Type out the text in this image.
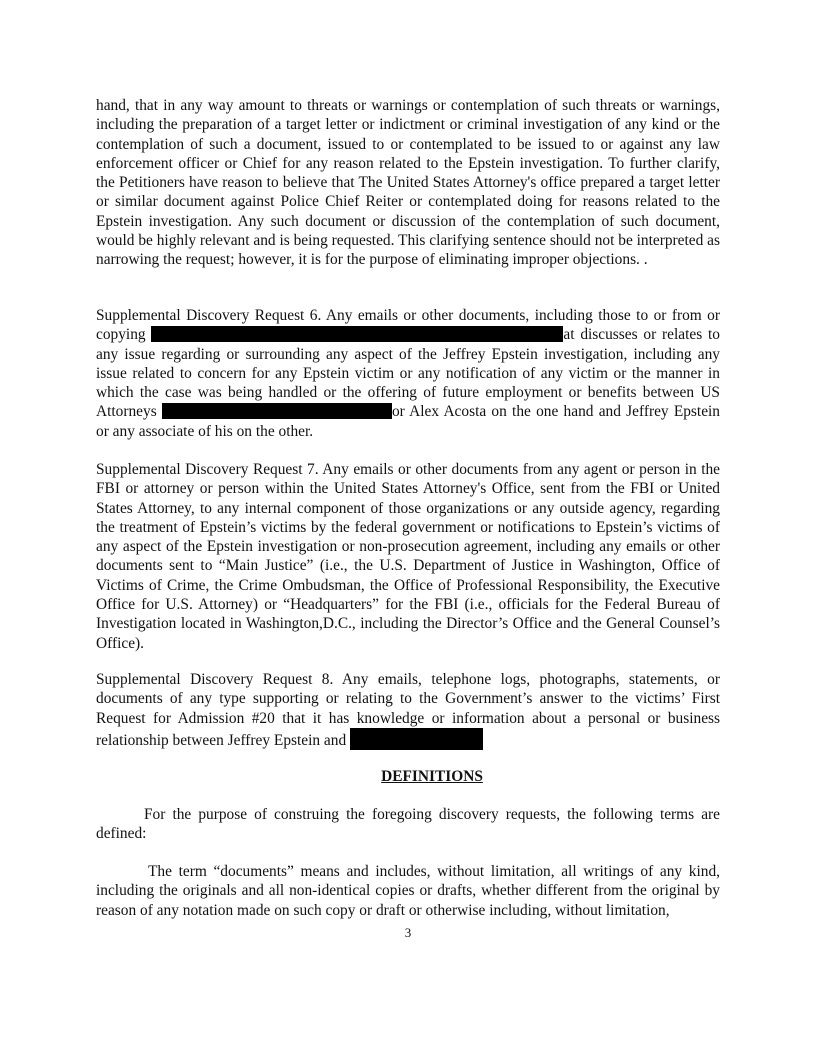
hand, that in any way amount to threats or warnings or contemplation of such threats or warnings, including the preparation of a target letter or indictment or criminal investigation of any kind or the contemplation of such a document, issued to or contemplated to be issued to or against any law enforcement officer or Chief for any reason related to the Epstein investigation. To further clarify, the Petitioners have reason to believe that The United States Attorney's office prepared a target letter or similar document against Police Chief Reiter or contemplated doing for reasons related to the Epstein investigation. Any such document or discussion of the contemplation of such document, would be highly relevant and is being requested. This clarifying sentence should not be interpreted as narrowing the request; however, it is for the purpose of eliminating improper objections. .

Supplemental Discovery Request 6. Any emails or other documents, including those to or from or copying	at discusses or relates to any issue regarding or surrounding any aspect of the Jeffrey Epstein investigation, including any issue related to concern for any Epstein victim or any notification of any victim or the manner in which the case was being handled or the offering of future employment or benefits between US Attorneys	or Alex Acosta on the one hand and Jeffrey Epstein or any associate of his on the other.

Supplemental Discovery Request 7. Any emails or other documents from any agent or person in the FBI or attorney or person within the United States Attorney's Office, sent from the FBI or United States Attorney, to any internal component of those organizations or any outside agency, regarding the treatment of Epstein’s victims by the federal government or notifications to Epstein’s victims of any aspect of the Epstein investigation or non-prosecution agreement, including any emails or other documents sent to “Main Justice” (i.e., the U.S. Department of Justice in Washington, Office of Victims of Crime, the Crime Ombudsman, the Office of Professional Responsibility, the Executive Office for U.S. Attorney) or “Headquarters” for the FBI (i.e., officials for the Federal Bureau of Investigation located in Washington,D.C., including the Director’s Office and the General Counsel’s Office).

Supplemental Discovery Request 8. Any emails, telephone logs, photographs, statements, or documents of any type supporting or relating to the Government’s answer to the victims’ First Request for Admission #20 that it has knowledge or information about a personal or business relationship between Jeffrey Epstein and

DEFINITIONS

For the purpose of construing the foregoing discovery requests, the following terms are defined:

The term “documents” means and includes, without limitation, all writings of any kind, including the originals and all non-identical copies or drafts, whether different from the original by reason of any notation made on such copy or draft or otherwise including, without limitation,

3
